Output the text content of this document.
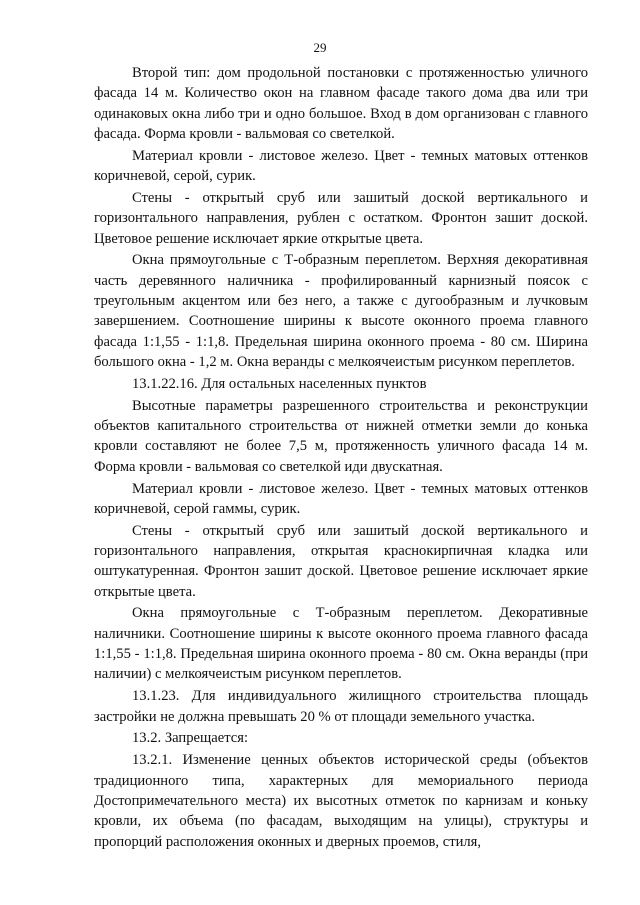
29

Второй тип: дом продольной постановки с протяженностью уличного фасада 14 м. Количество окон на главном фасаде такого дома два или три одинаковых окна либо три и одно большое. Вход в дом организован с главного фасада. Форма кровли - вальмовая со светелкой.

Материал кровли - листовое железо. Цвет - темных матовых оттенков коричневой, серой, сурик.

Стены - открытый сруб или зашитый доской вертикального и горизонтального направления, рублен с остатком. Фронтон зашит доской. Цветовое решение исключает яркие открытые цвета.

Окна прямоугольные с Т-образным переплетом. Верхняя декоративная часть деревянного наличника - профилированный карнизный поясок с треугольным акцентом или без него, а также с дугообразным и лучковым завершением. Соотношение ширины к высоте оконного проема главного фасада 1:1,55 - 1:1,8. Предельная ширина оконного проема - 80 см. Ширина большого окна - 1,2 м. Окна веранды с мелкоячеистым рисунком переплетов.

13.1.22.16. Для остальных населенных пунктов

Высотные параметры разрешенного строительства и реконструкции объектов капитального строительства от нижней отметки земли до конька кровли составляют не более 7,5 м, протяженность уличного фасада 14 м. Форма кровли - вальмовая со светелкой иди двускатная.

Материал кровли - листовое железо. Цвет - темных матовых оттенков коричневой, серой гаммы, сурик.

Стены - открытый сруб или зашитый доской вертикального и горизонтального направления, открытая краснокирпичная кладка или оштукатуренная. Фронтон зашит доской. Цветовое решение исключает яркие открытые цвета.

Окна прямоугольные с Т-образным переплетом. Декоративные наличники. Соотношение ширины к высоте оконного проема главного фасада 1:1,55 - 1:1,8. Предельная ширина оконного проема - 80 см. Окна веранды (при наличии) с мелкоячеистым рисунком переплетов.

13.1.23. Для индивидуального жилищного строительства площадь застройки не должна превышать 20 % от площади земельного участка.

13.2. Запрещается:

13.2.1. Изменение ценных объектов исторической среды (объектов традиционного типа, характерных для мемориального периода Достопримечательного места) их высотных отметок по карнизам и коньку кровли, их объема (по фасадам, выходящим на улицы), структуры и пропорций расположения оконных и дверных проемов, стиля,
